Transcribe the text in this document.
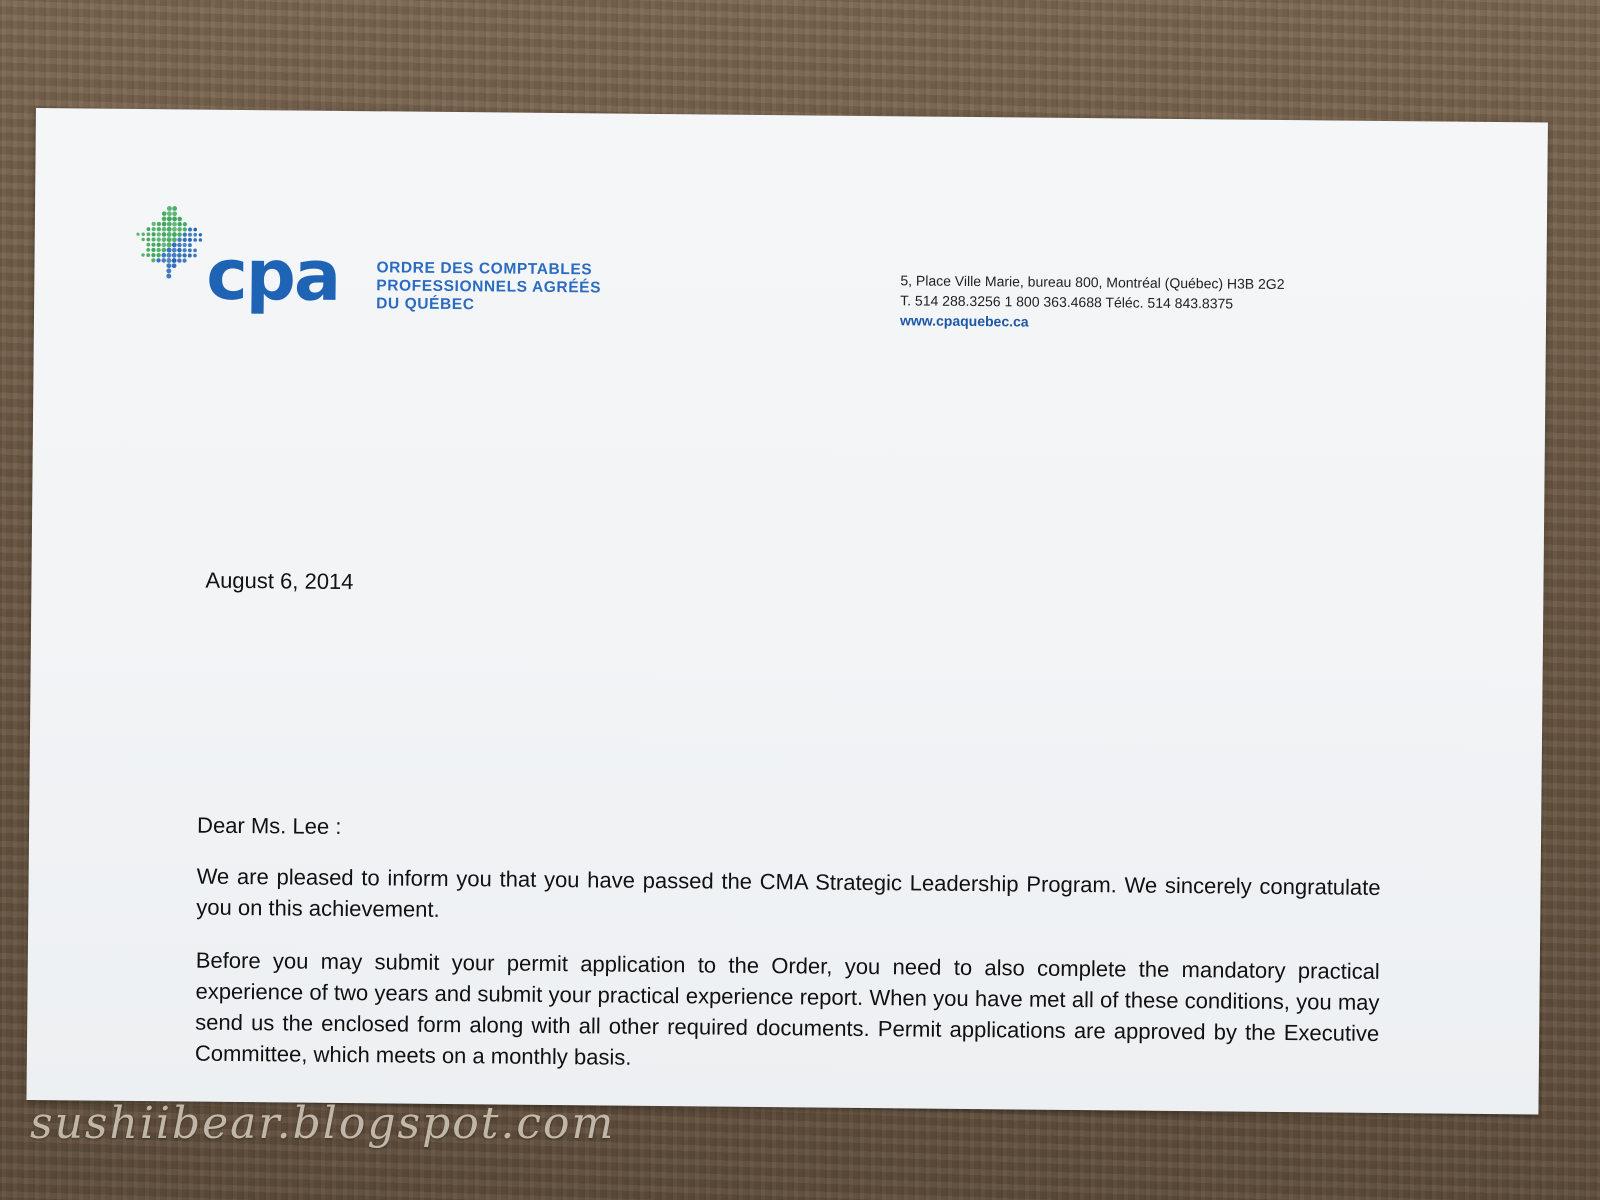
cpa ORDRE DES COMPTABLES
PROFESSIONNELS AGRÉÉS
DU QUÉBEC
5, Place Ville Marie, bureau 800, Montréal (Québec) H3B 2G2
T. 514 288.3256 1 800 363.4688 Téléc. 514 843.8375
www.cpaquebec.ca
August 6, 2014

Dear Ms. Lee :

We are pleased to inform you that you have passed the CMA Strategic Leadership Program. We sincerely congratulate you on this achievement.

Before you may submit your permit application to the Order, you need to also complete the mandatory practical experience of two years and submit your practical experience report. When you have met all of these conditions, you may send us the enclosed form along with all other required documents. Permit applications are approved by the Executive Committee, which meets on a monthly basis.

sushiibear.blogspot.com
